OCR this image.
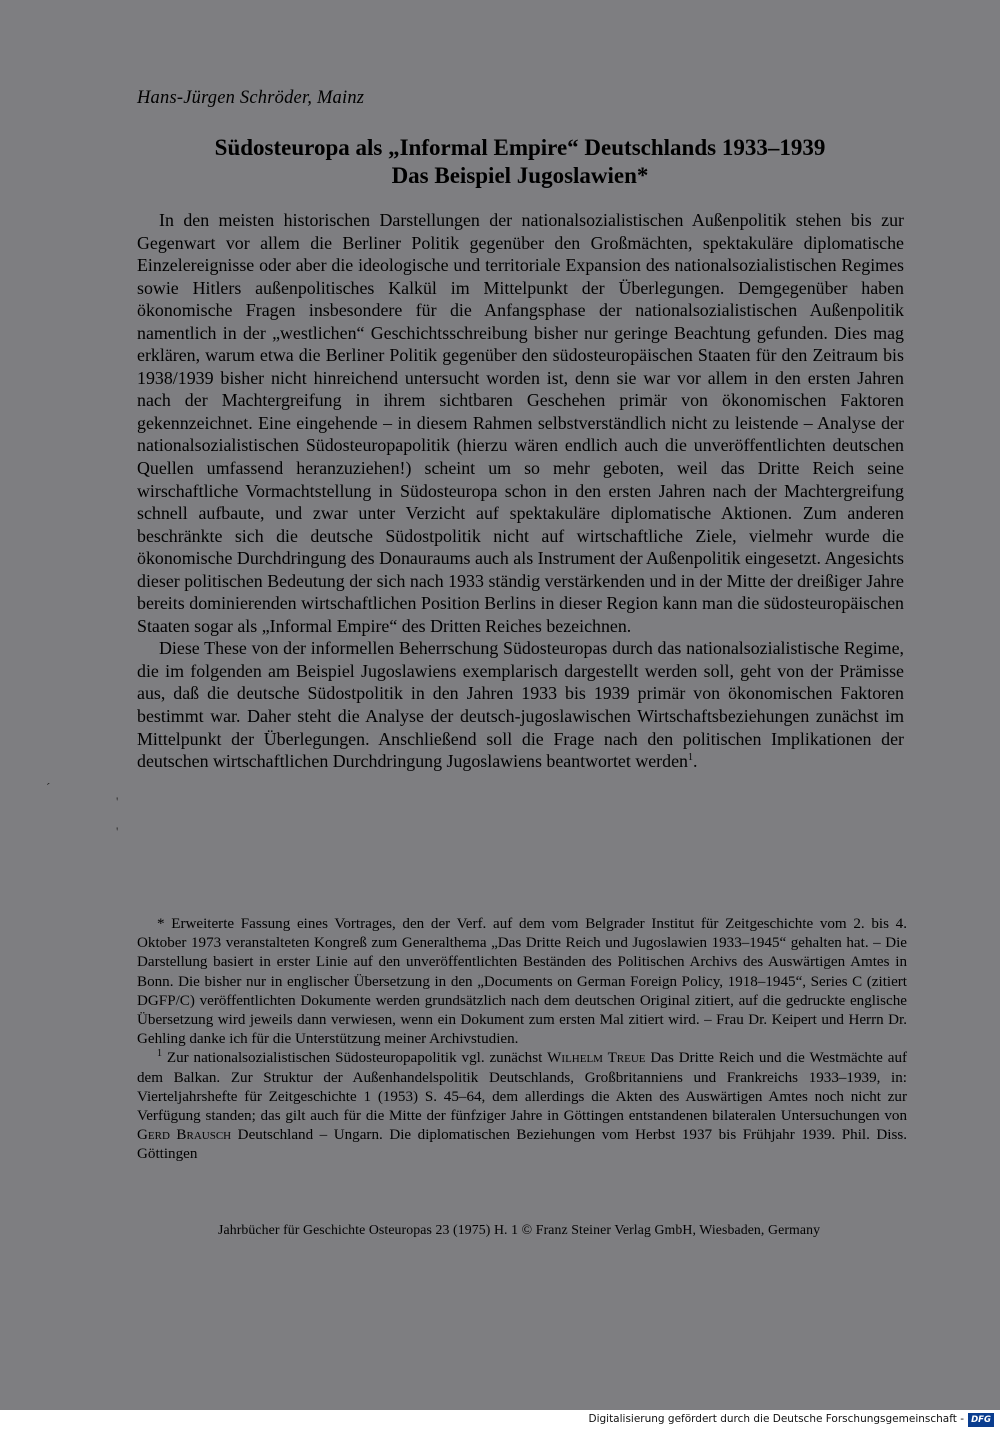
Hans-Jürgen Schröder, Mainz
Südosteuropa als „Informal Empire“ Deutschlands 1933–1939
Das Beispiel Jugoslawien*

In den meisten historischen Darstellungen der nationalsozialistischen Außenpolitik stehen bis zur Gegenwart vor allem die Berliner Politik gegenüber den Großmächten, spektakuläre diplomatische Einzelereignisse oder aber die ideologische und territoriale Expansion des nationalsozialistischen Regimes sowie Hitlers außenpolitisches Kalkül im Mittelpunkt der Überlegungen. Demgegenüber haben ökonomische Fragen insbesondere für die Anfangsphase der nationalsozialistischen Außenpolitik namentlich in der „westlichen“ Geschichtsschreibung bisher nur geringe Beachtung gefunden. Dies mag erklären, warum etwa die Berliner Politik gegenüber den südosteuropäischen Staaten für den Zeitraum bis 1938/1939 bisher nicht hinreichend untersucht worden ist, denn sie war vor allem in den ersten Jahren nach der Machtergreifung in ihrem sichtbaren Geschehen primär von ökonomischen Faktoren gekennzeichnet. Eine eingehende – in diesem Rahmen selbstverständlich nicht zu leistende – Analyse der nationalsozialistischen Südosteuropapolitik (hierzu wären endlich auch die unveröffentlichten deutschen Quellen umfassend heranzuziehen!) scheint um so mehr geboten, weil das Dritte Reich seine wirschaftliche Vormachtstellung in Südosteuropa schon in den ersten Jahren nach der Machtergreifung schnell aufbaute, und zwar unter Verzicht auf spektakuläre diplomatische Aktionen. Zum anderen beschränkte sich die deutsche Südostpolitik nicht auf wirtschaftliche Ziele, vielmehr wurde die ökonomische Durchdringung des Donauraums auch als Instrument der Außenpolitik eingesetzt. Angesichts dieser politischen Bedeutung der sich nach 1933 ständig verstärkenden und in der Mitte der dreißiger Jahre bereits dominierenden wirtschaftlichen Position Berlins in dieser Region kann man die südosteuropäischen Staaten sogar als „Informal Empire“ des Dritten Reiches bezeichnen.

Diese These von der informellen Beherrschung Südosteuropas durch das nationalsozialistische Regime, die im folgenden am Beispiel Jugoslawiens exemplarisch dargestellt werden soll, geht von der Prämisse aus, daß die deutsche Südostpolitik in den Jahren 1933 bis 1939 primär von ökonomischen Faktoren bestimmt war. Daher steht die Analyse der deutsch-jugoslawischen Wirtschaftsbeziehungen zunächst im Mittelpunkt der Überlegungen. Anschließend soll die Frage nach den politischen Implikationen der deutschen wirtschaftlichen Durchdringung Jugoslawiens beantwortet werden$^1$.

´
'
'

* Erweiterte Fassung eines Vortrages, den der Verf. auf dem vom Belgrader Institut für Zeitgeschichte vom 2. bis 4. Oktober 1973 veranstalteten Kongreß zum Generalthema „Das Dritte Reich und Jugoslawien 1933–1945“ gehalten hat. – Die Darstellung basiert in erster Linie auf den unveröffentlichten Beständen des Politischen Archivs des Auswärtigen Amtes in Bonn. Die bisher nur in englischer Übersetzung in den „Documents on German Foreign Policy, 1918–1945“, Series C (zitiert DGFP/C) veröffentlichten Dokumente werden grundsätzlich nach dem deutschen Original zitiert, auf die gedruckte englische Übersetzung wird jeweils dann verwiesen, wenn ein Dokument zum ersten Mal zitiert wird. – Frau Dr. Keipert und Herrn Dr. Gehling danke ich für die Unterstützung meiner Archivstudien.

$^1$ Zur nationalsozialistischen Südosteuropapolitik vgl. zunächst Wilhelm Treue Das Dritte Reich und die Westmächte auf dem Balkan. Zur Struktur der Außenhandelspolitik Deutschlands, Großbritanniens und Frankreichs 1933–1939, in: Vierteljahrshefte für Zeitgeschichte 1 (1953) S. 45–64, dem allerdings die Akten des Auswärtigen Amtes noch nicht zur Verfügung standen; das gilt auch für die Mitte der fünfziger Jahre in Göttingen entstandenen bilateralen Untersuchungen von Gerd Brausch Deutschland – Ungarn. Die diplomatischen Beziehungen vom Herbst 1937 bis Frühjahr 1939. Phil. Diss. Göttingen

Jahrbücher für Geschichte Osteuropas 23 (1975) H. 1 © Franz Steiner Verlag GmbH, Wiesbaden, Germany
Digitalisierung gefördert durch die Deutsche Forschungsgemeinschaft - DFG
